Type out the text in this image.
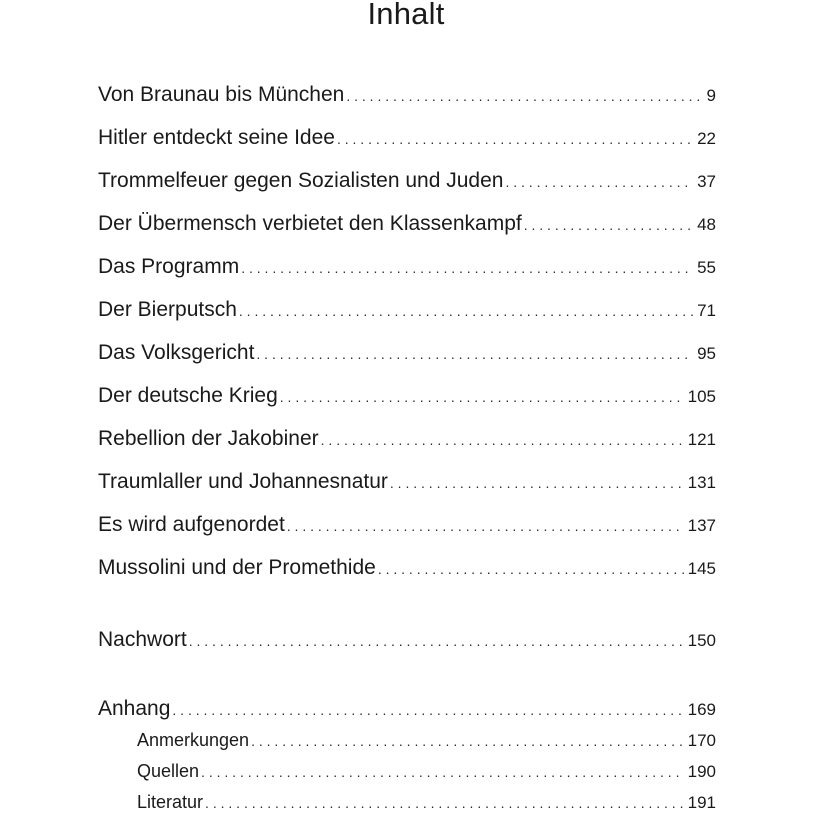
Inhalt
Von Braunau bis München . . .	9
Hitler entdeckt seine Idee . . .	22
Trommelfeuer gegen Sozialisten und Juden . . .	37
Der Übermensch verbietet den Klassenkampf . . .	48
Das Programm . . .	55
Der Bierputsch . . .	71
Das Volksgericht . . .	95
Der deutsche Krieg . . .	105
Rebellion der Jakobiner . . .	121
Traumlaller und Johannesnatur . . .	131
Es wird aufgenordet . . .	137
Mussolini und der Promethide . . .	145
Nachwort . . .	150
Anhang . . .	169
Anmerkungen . . .	170
Quellen . . .	190
Literatur . . .	191
